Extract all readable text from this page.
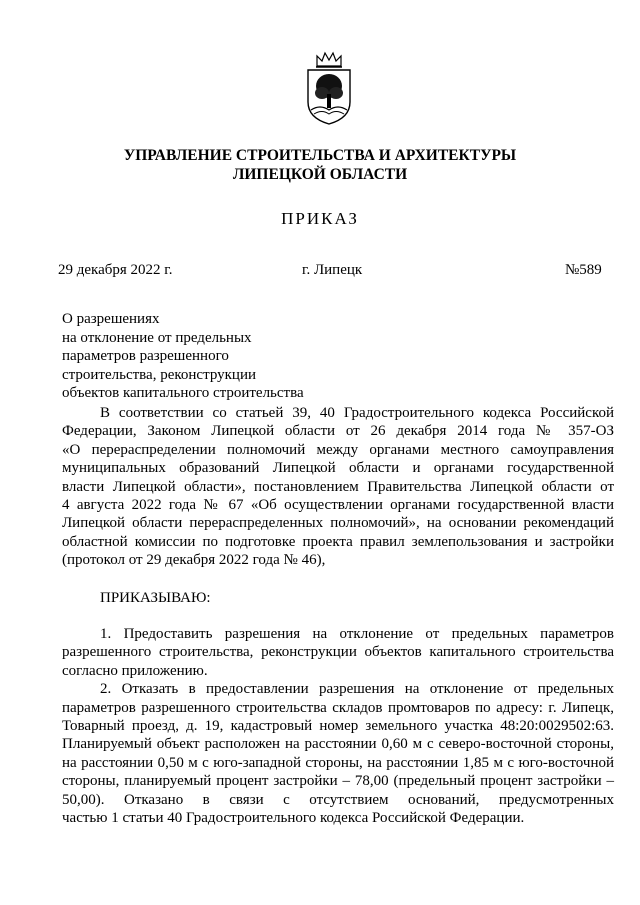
УПРАВЛЕНИЕ СТРОИТЕЛЬСТВА И АРХИТЕКТУРЫ
ЛИПЕЦКОЙ ОБЛАСТИ
ПРИКАЗ
29 декабря 2022 г.	г. Липецк	№589
О разрешениях
на отклонение от предельных
параметров разрешенного
строительства, реконструкции
объектов капитального строительства
В соответствии со статьей 39, 40 Градостроительного кодекса Российской
Федерации, Законом Липецкой области от 26 декабря 2014 года № 357-ОЗ
«О перераспределении полномочий между органами местного самоуправления
муниципальных образований Липецкой области и органами государственной
власти Липецкой области», постановлением Правительства Липецкой области от
4 августа 2022 года № 67 «Об осуществлении органами государственной власти
Липецкой области перераспределенных полномочий», на основании рекомендаций
областной комиссии по подготовке проекта правил землепользования и застройки
(протокол от 29 декабря 2022 года № 46),
ПРИКАЗЫВАЮ:
1. Предоставить разрешения на отклонение от предельных параметров
разрешенного строительства, реконструкции объектов капитального строительства
согласно приложению.
2. Отказать в предоставлении разрешения на отклонение от предельных
параметров разрешенного строительства складов промтоваров по адресу: г. Липецк,
Товарный проезд, д. 19, кадастровый номер земельного участка 48:20:0029502:63.
Планируемый объект расположен на расстоянии 0,60 м с северо-восточной стороны,
на расстоянии 0,50 м с юго-западной стороны, на расстоянии 1,85 м с юго-восточной
стороны, планируемый процент застройки – 78,00 (предельный процент застройки –
50,00). Отказано в связи с отсутствием оснований, предусмотренных
частью 1 статьи 40 Градостроительного кодекса Российской Федерации.
